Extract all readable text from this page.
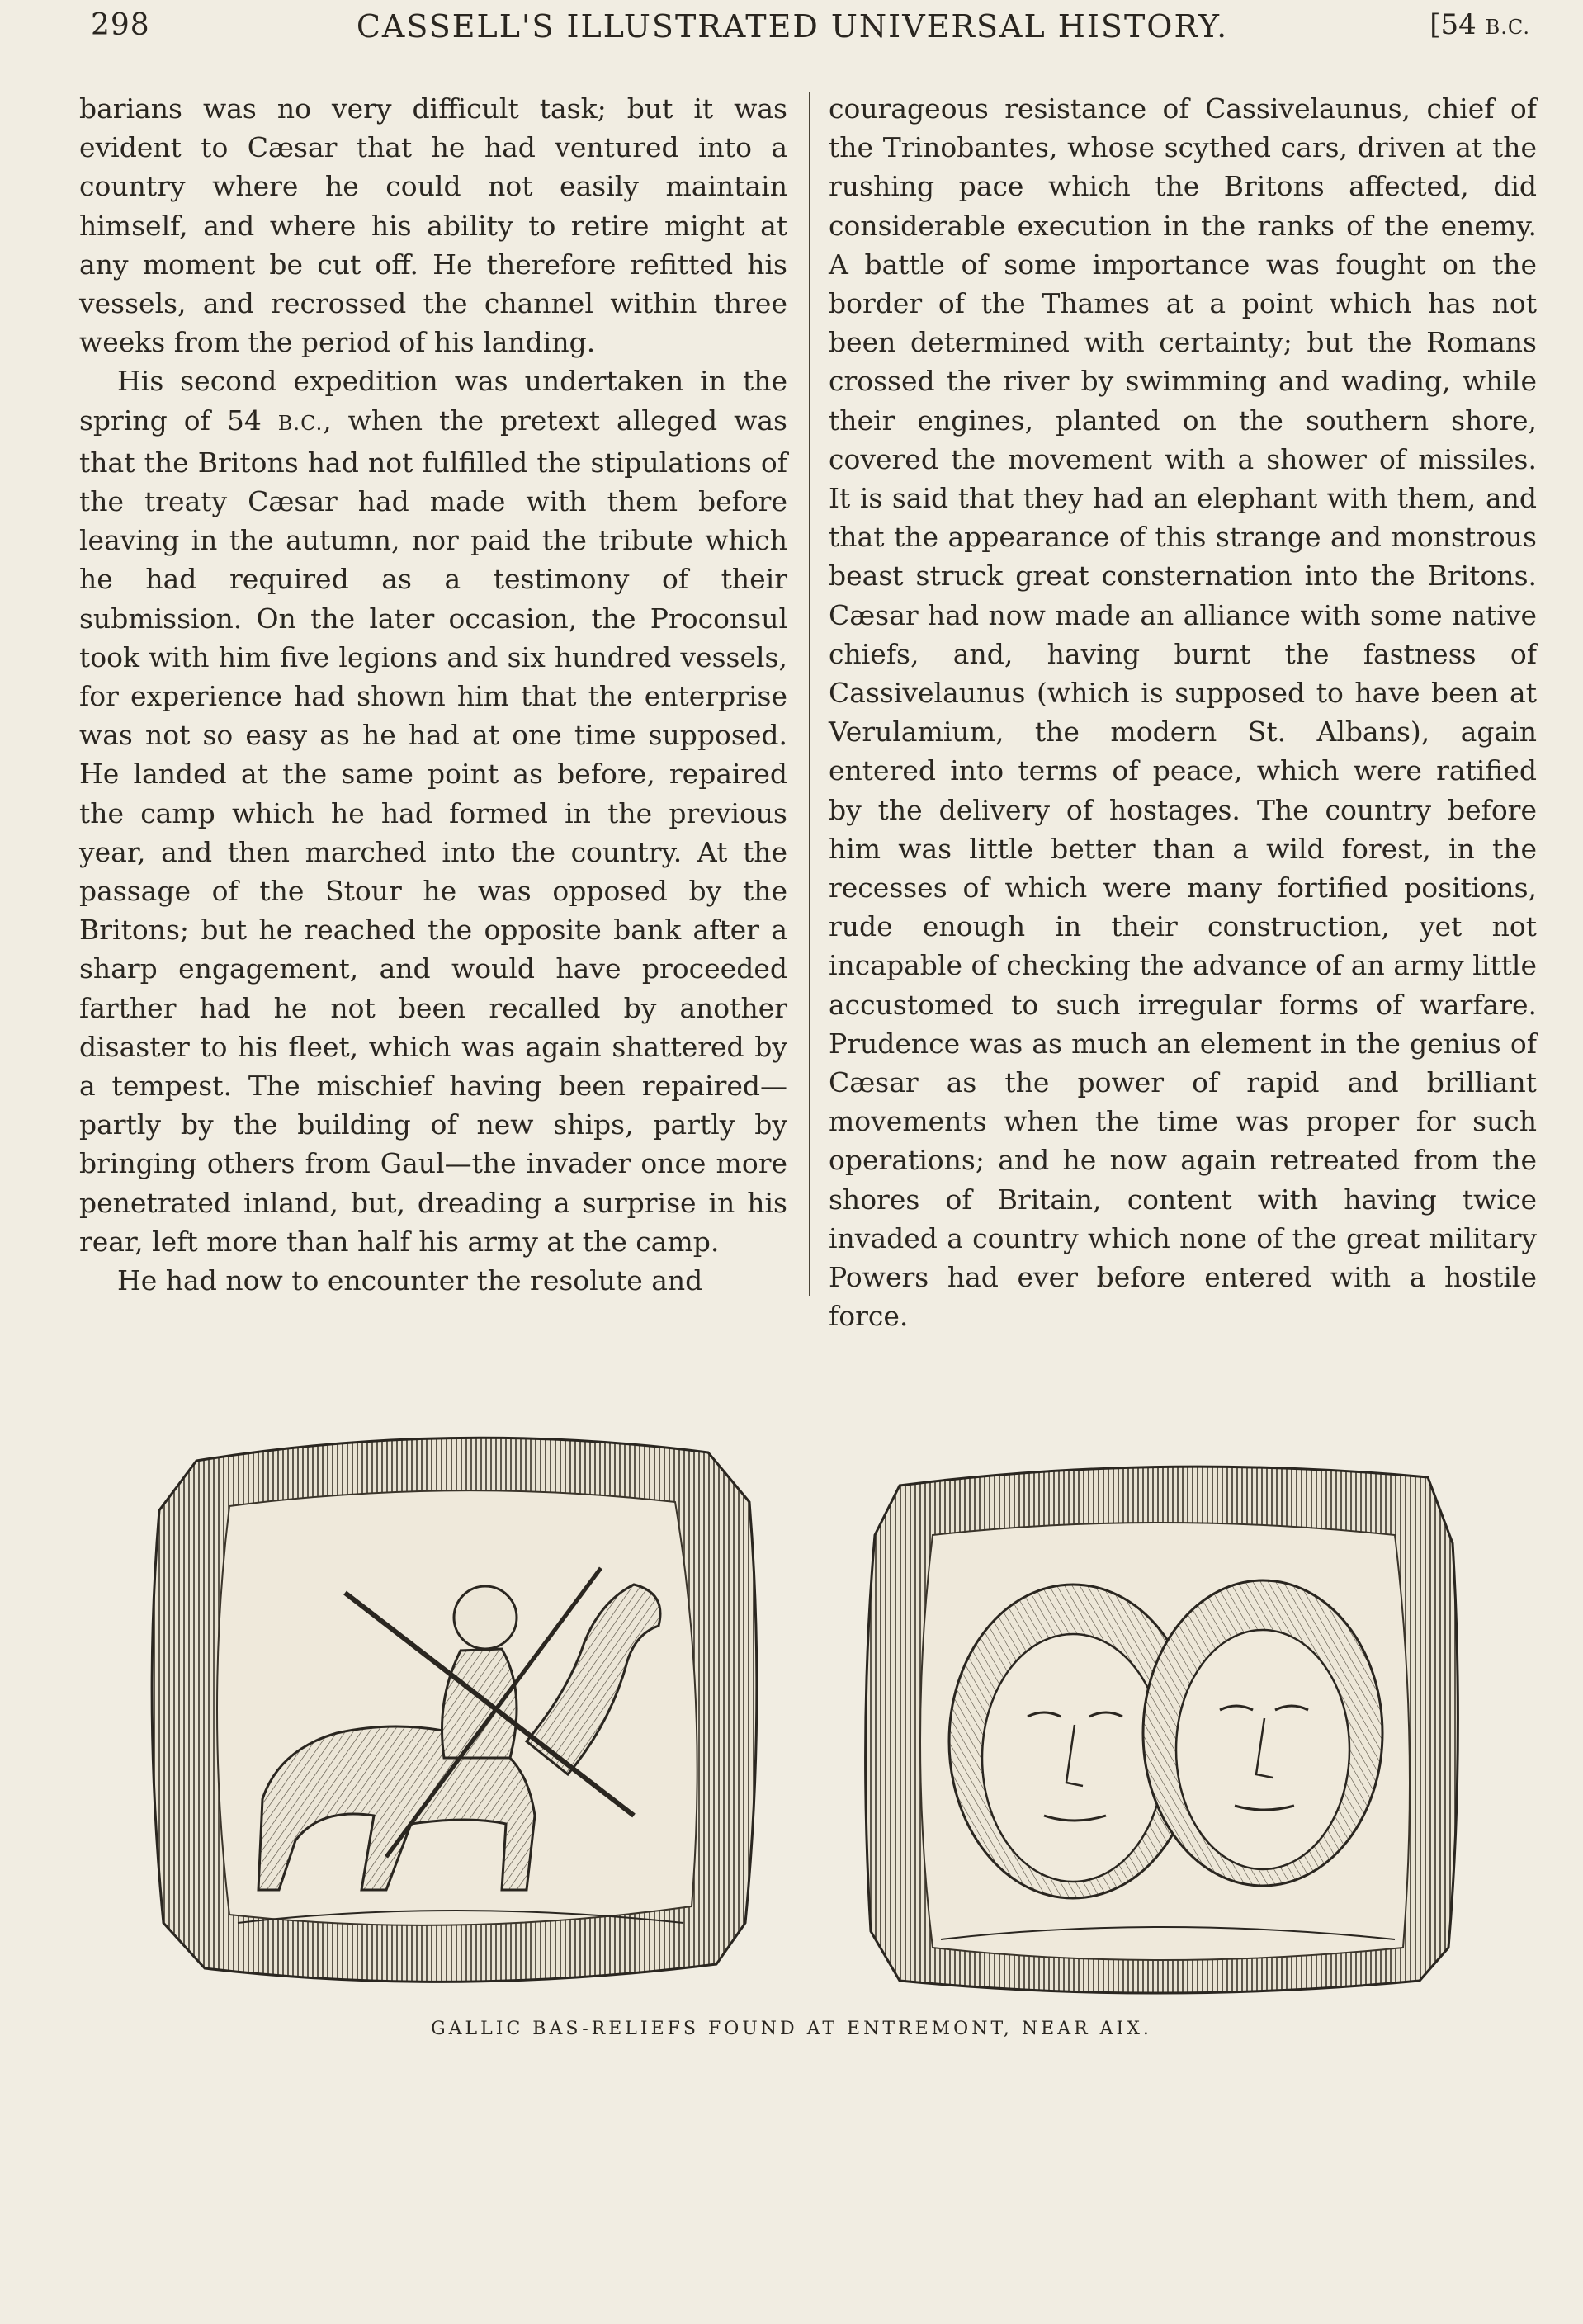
298	CASSELL'S ILLUSTRATED UNIVERSAL HISTORY.	[54 B.C.

barians was no very difficult task; but it was evident to Cæsar that he had ventured into a country where he could not easily maintain himself, and where his ability to retire might at any moment be cut off. He therefore refitted his vessels, and recrossed the channel within three weeks from the period of his landing.

His second expedition was undertaken in the spring of 54 B.C., when the pretext alleged was that the Britons had not fulfilled the stipulations of the treaty Cæsar had made with them before leaving in the autumn, nor paid the tribute which he had required as a testimony of their submission. On the later occasion, the Proconsul took with him five legions and six hundred vessels, for experience had shown him that the enterprise was not so easy as he had at one time supposed. He landed at the same point as before, repaired the camp which he had formed in the previous year, and then marched into the country. At the passage of the Stour he was opposed by the Britons; but he reached the opposite bank after a sharp engagement, and would have proceeded farther had he not been recalled by another disaster to his fleet, which was again shattered by a tempest. The mischief having been repaired—partly by the building of new ships, partly by bringing others from Gaul—the invader once more penetrated inland, but, dreading a surprise in his rear, left more than half his army at the camp.

He had now to encounter the resolute and

courageous resistance of Cassivelaunus, chief of the Trinobantes, whose scythed cars, driven at the rushing pace which the Britons affected, did considerable execution in the ranks of the enemy. A battle of some importance was fought on the border of the Thames at a point which has not been determined with certainty; but the Romans crossed the river by swimming and wading, while their engines, planted on the southern shore, covered the movement with a shower of missiles. It is said that they had an elephant with them, and that the appearance of this strange and monstrous beast struck great consternation into the Britons. Cæsar had now made an alliance with some native chiefs, and, having burnt the fastness of Cassivelaunus (which is supposed to have been at Verulamium, the modern St. Albans), again entered into terms of peace, which were ratified by the delivery of hostages. The country before him was little better than a wild forest, in the recesses of which were many fortified positions, rude enough in their construction, yet not incapable of checking the advance of an army little accustomed to such irregular forms of warfare. Prudence was as much an element in the genius of Cæsar as the power of rapid and brilliant movements when the time was proper for such operations; and he now again retreated from the shores of Britain, content with having twice invaded a country which none of the great military Powers had ever before entered with a hostile force.

GALLIC BAS-RELIEFS FOUND AT ENTREMONT, NEAR AIX.
